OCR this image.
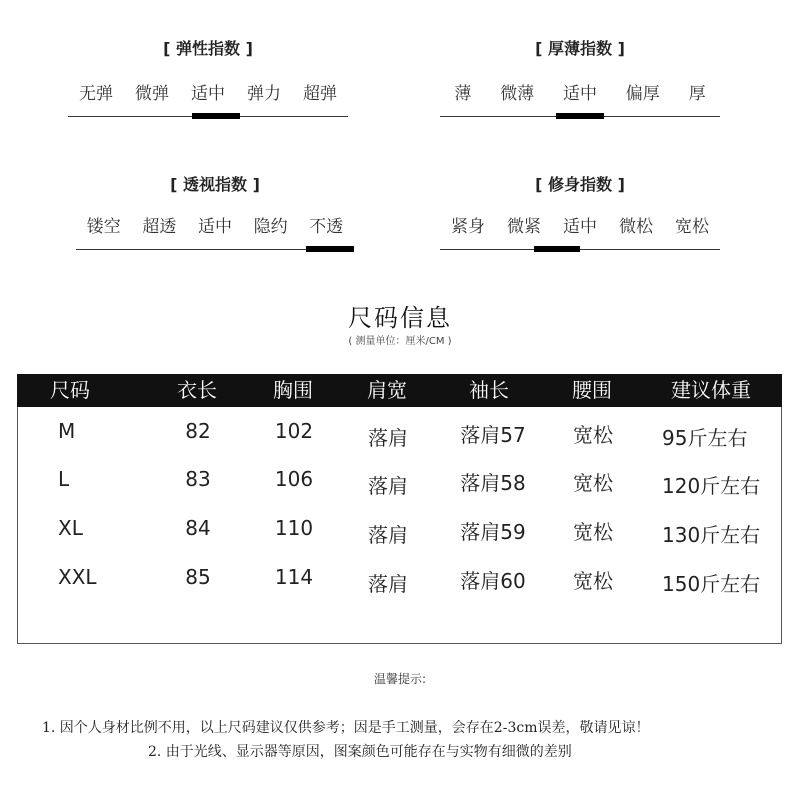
[ 弹性指数 ]
无弹 微弹 适中 弹力 超弹
[ 厚薄指数 ]
薄 微薄 适中 偏厚 厚
[ 透视指数 ]
镂空 超透 适中 隐约 不透
[ 修身指数 ]
紧身 微紧 适中 微松 宽松
尺码信息
( 测量单位：厘米/CM )
尺码	衣长	胸围	肩宽	袖长	腰围	建议体重
M	82	102	落肩	落肩57	宽松	95斤左右
L	83	106	落肩	落肩58	宽松	120斤左右
XL	84	110	落肩	落肩59	宽松	130斤左右
XXL	85	114	落肩	落肩60	宽松	150斤左右
温馨提示:
1. 因个人身材比例不用，以上尺码建议仅供参考；因是手工测量，会存在2-3cm误差，敬请见谅！
2. 由于光线、显示器等原因，图案颜色可能存在与实物有细微的差别
